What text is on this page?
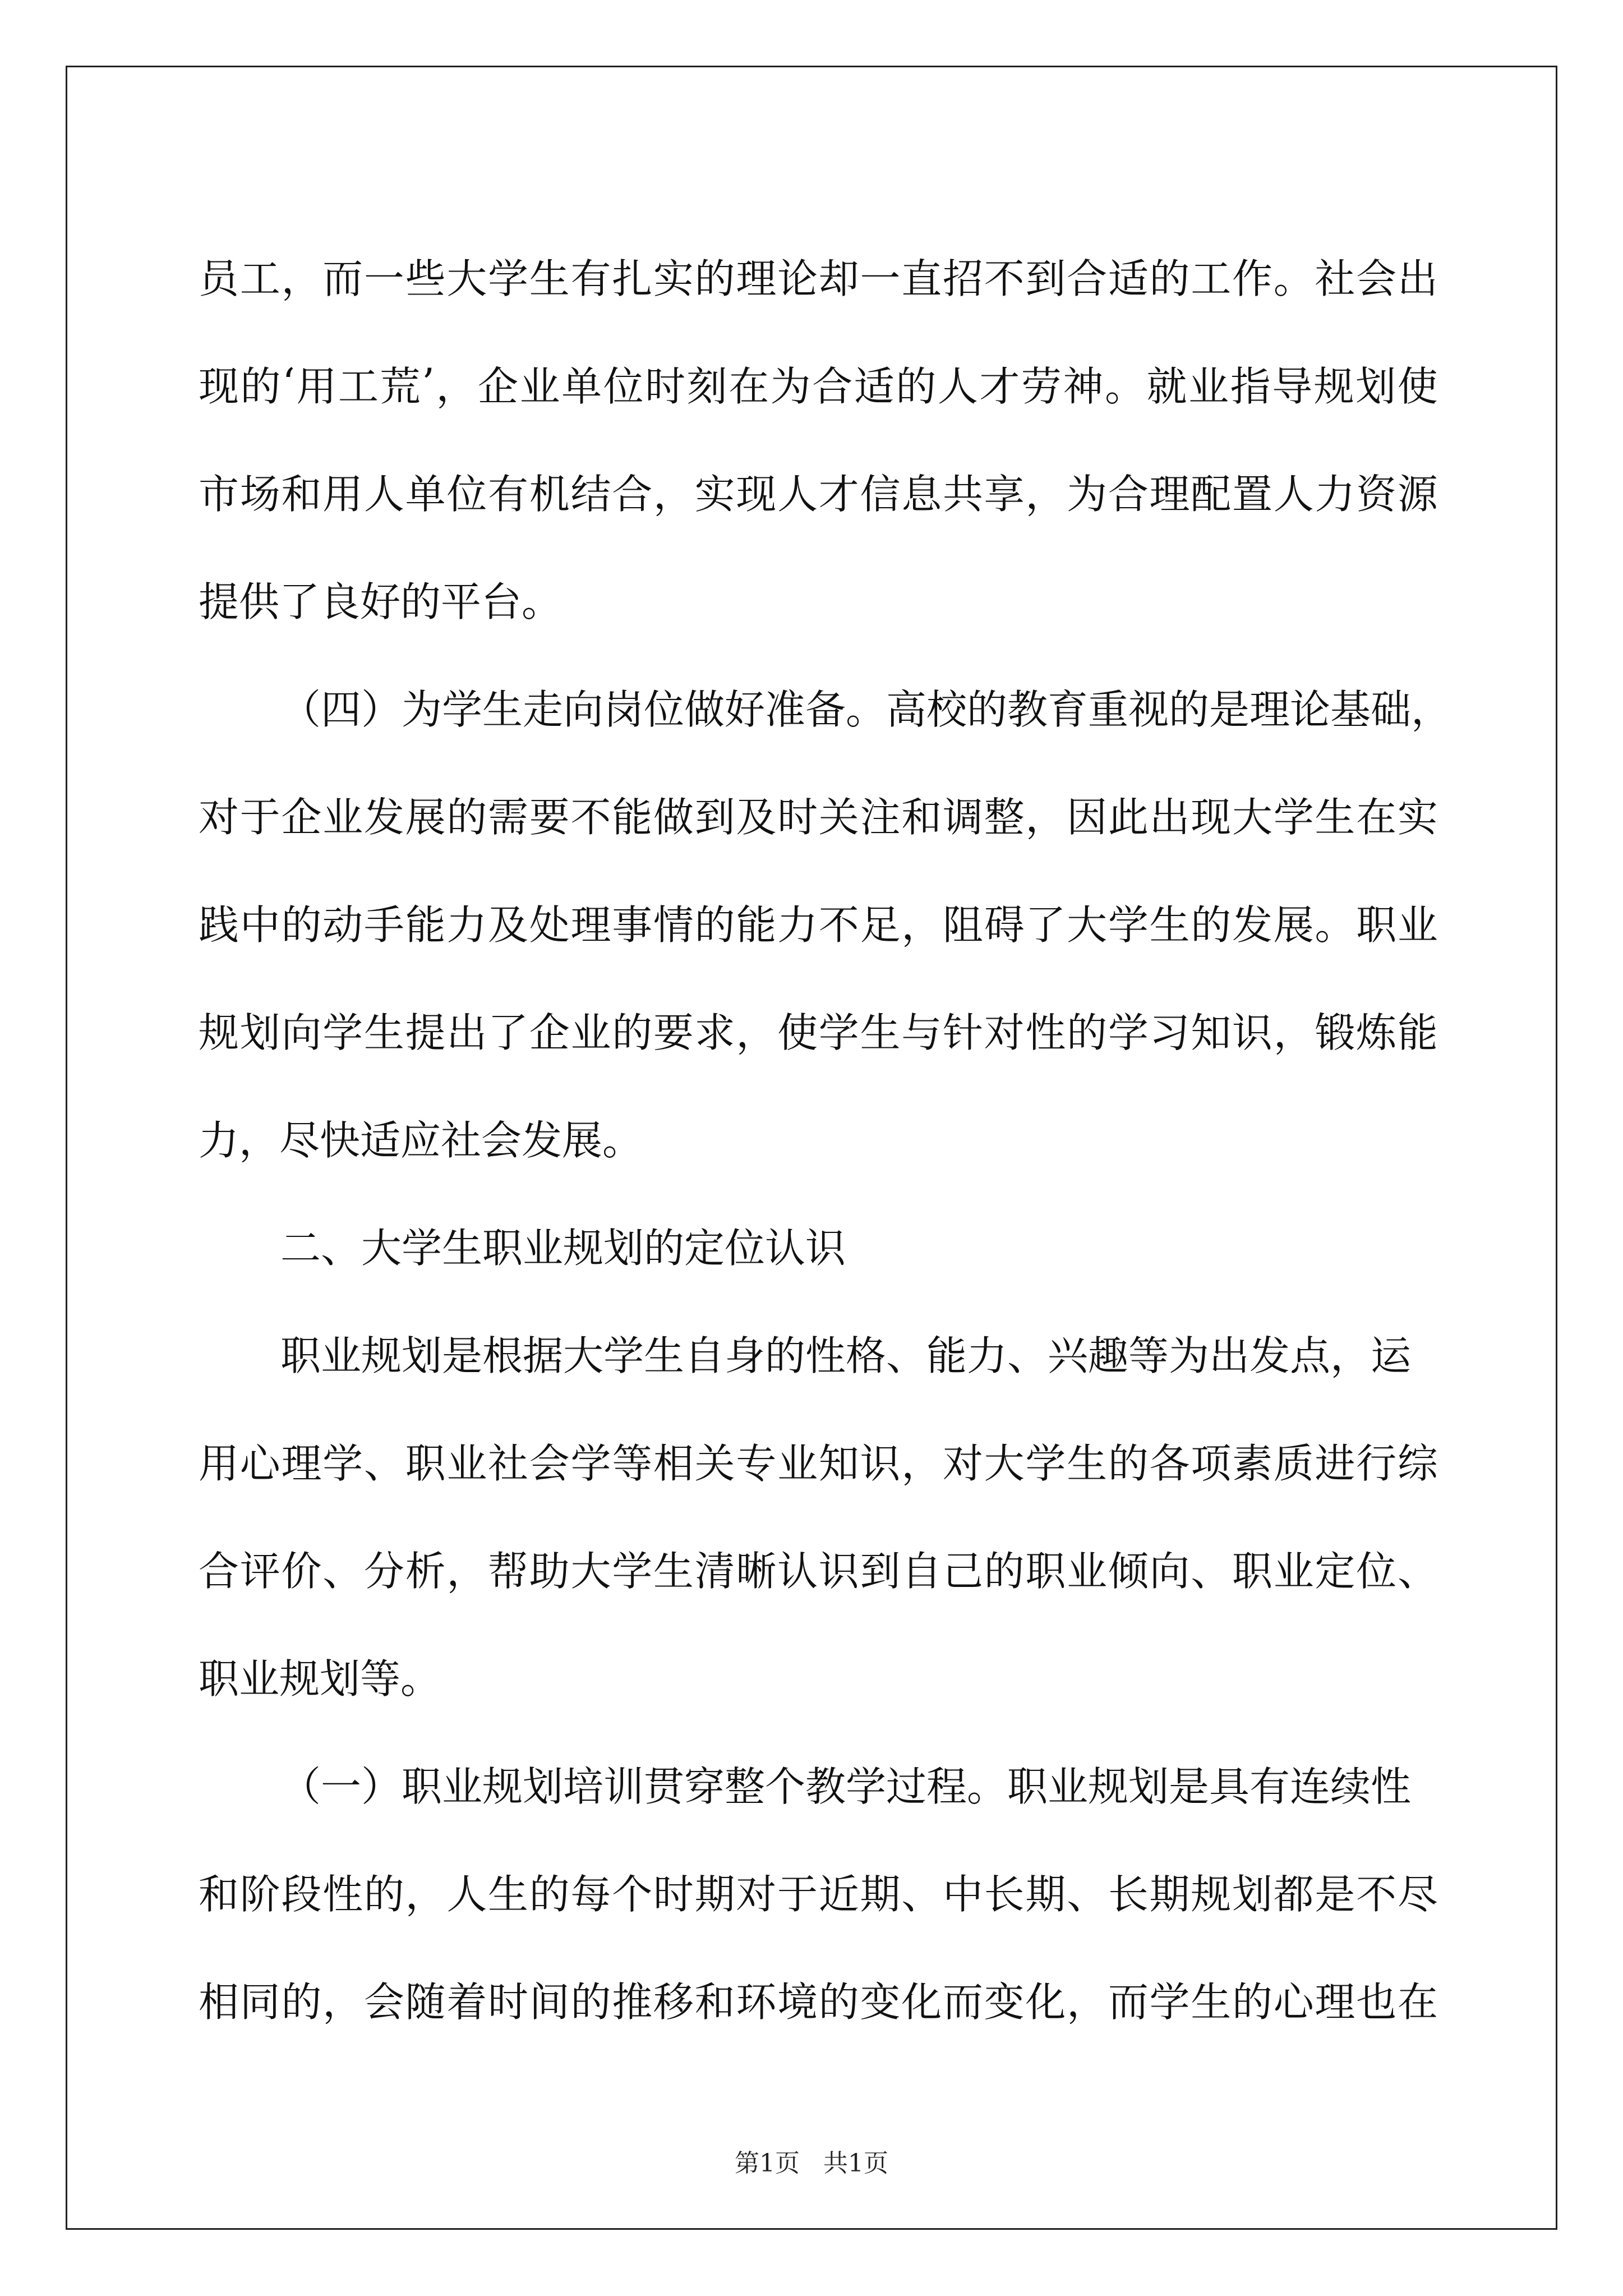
员 工 ， 而 一 些 大 学 生 有 扎 实 的 理 论 却 一 直 招 不 到 合 适 的 工 作 。 社 会 出
现 的 ‘ 用 工 荒 ’ ， 企 业 单 位 时 刻 在 为 合 适 的 人 才 劳 神 。 就 业 指 导 规 划 使
市 场 和 用 人 单 位 有 机 结 合 ， 实 现 人 才 信 息 共 享 ， 为 合 理 配 置 人 力 资 源
提供了良好的平台。
（四）为学生走向岗位做好准备。高校的教育重视的是理论基础，
对 于 企 业 发 展 的 需 要 不 能 做 到 及 时 关 注 和 调 整 ， 因 此 出 现 大 学 生 在 实
践 中 的 动 手 能 力 及 处 理 事 情 的 能 力 不 足 ， 阻 碍 了 大 学 生 的 发 展 。 职 业
规 划 向 学 生 提 出 了 企 业 的 要 求 ， 使 学 生 与 针 对 性 的 学 习 知 识 ， 锻 炼 能
力，尽快适应社会发展。
二、大学生职业规划的定位认识
职业规划是根据大学生自身的性格、能力、兴趣等为出发点，运
用 心 理 学 、 职 业 社 会 学 等 相 关 专 业 知 识 ， 对 大 学 生 的 各 项 素 质 进 行 综
合 评 价 、 分 析 ， 帮 助 大 学 生 清 晰 认 识 到 自 己 的 职 业 倾 向 、 职 业 定 位 、
职业规划等。
（一）职业规划培训贯穿整个教学过程。职业规划是具有连续性
和 阶 段 性 的 ， 人 生 的 每 个 时 期 对 于 近 期 、 中 长 期 、 长 期 规 划 都 是 不 尽
相 同 的 ， 会 随 着 时 间 的 推 移 和 环 境 的 变 化 而 变 化 ， 而 学 生 的 心 理 也 在
第1页   共1页
